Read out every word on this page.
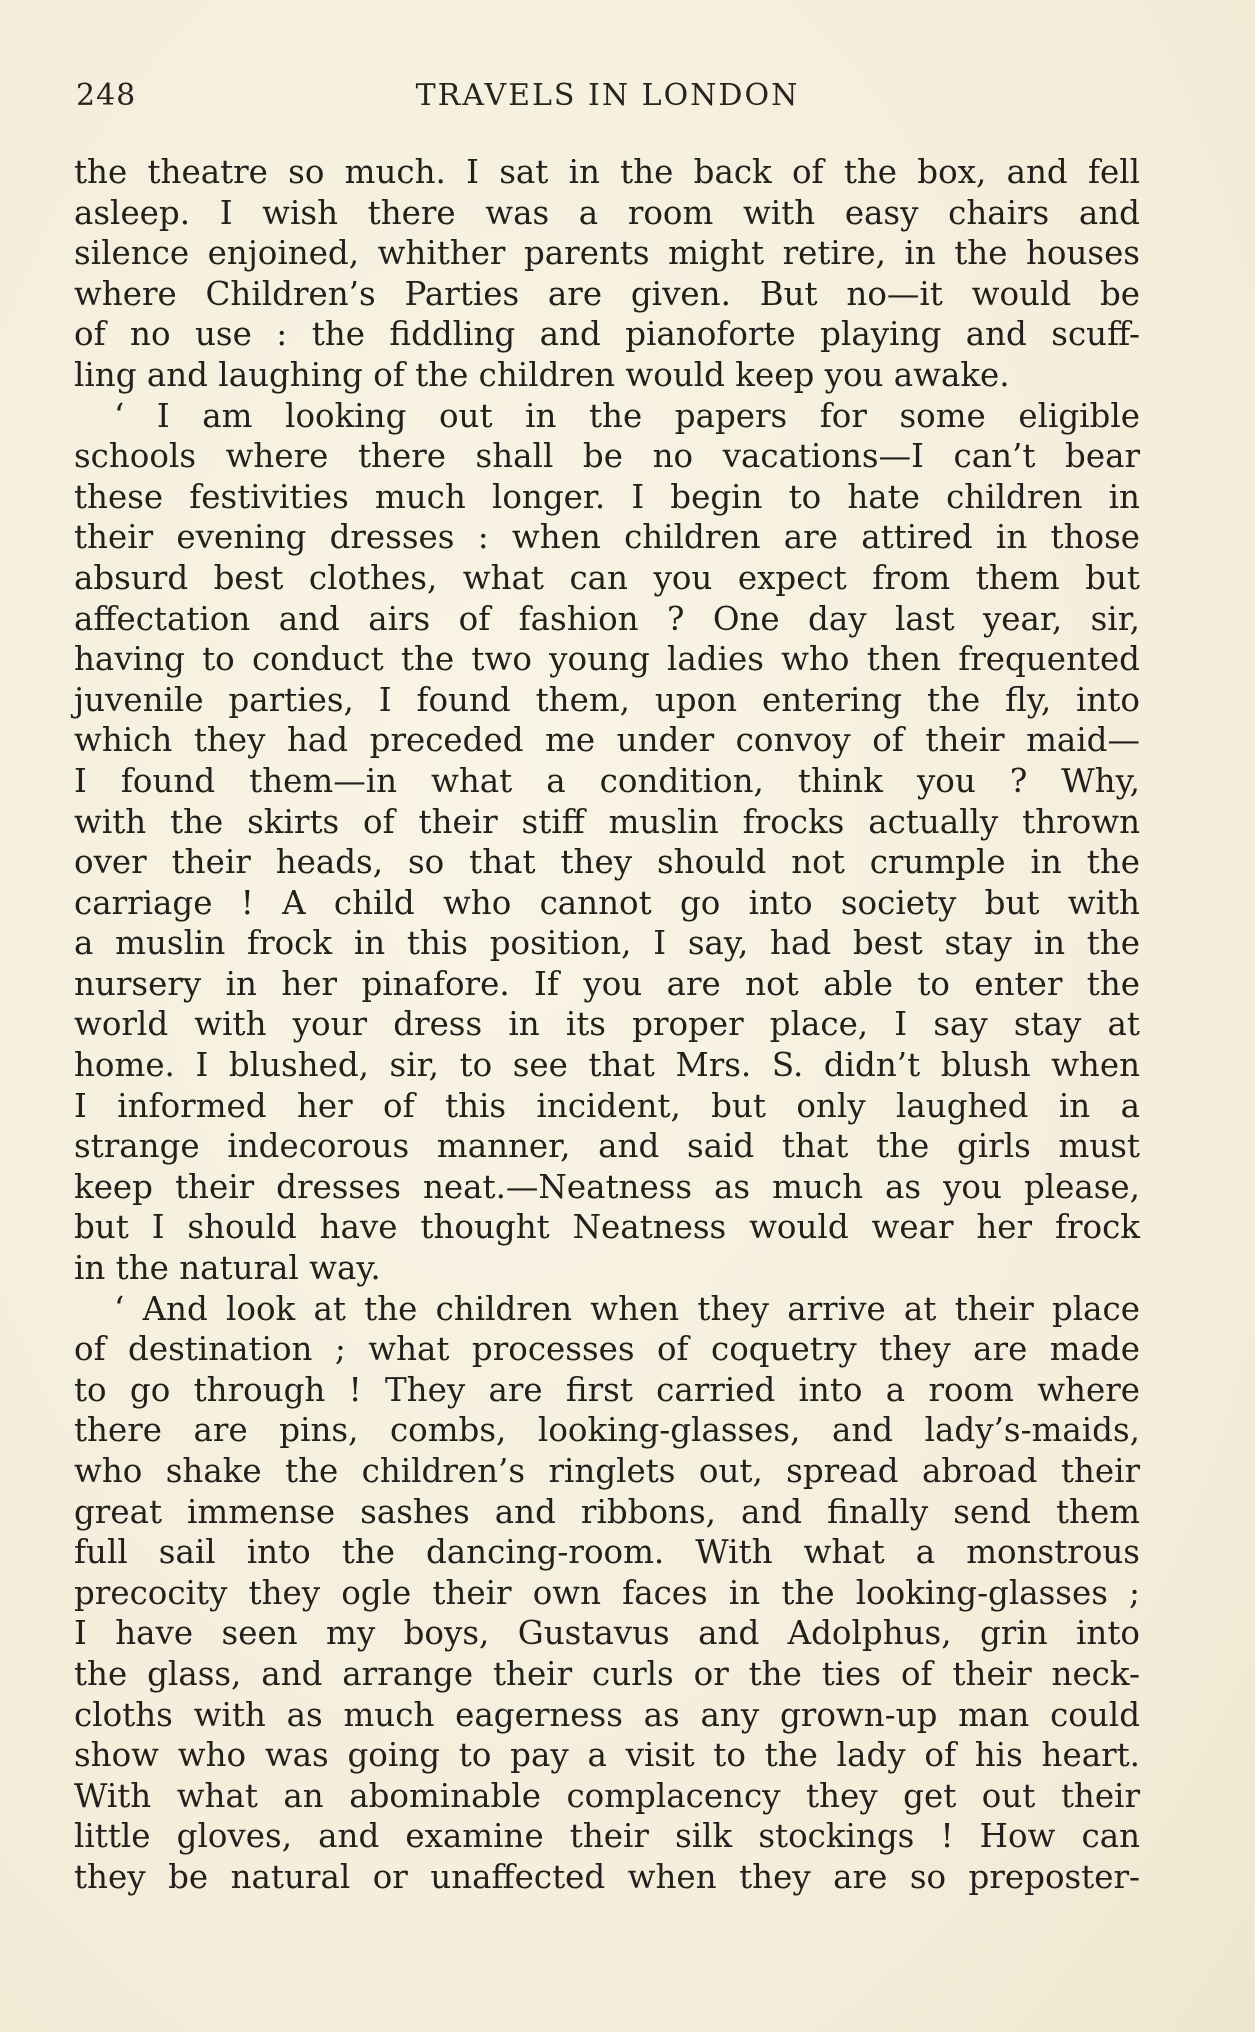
248	TRAVELS IN LONDON
the theatre so much. I sat in the back of the box, and fell
asleep. I wish there was a room with easy chairs and
silence enjoined, whither parents might retire, in the houses
where Children’s Parties are given. But no—it would be
of no use : the fiddling and pianoforte playing and scuff-
ling and laughing of the children would keep you awake.
‘ I am looking out in the papers for some eligible
schools where there shall be no vacations—I can’t bear
these festivities much longer. I begin to hate children in
their evening dresses : when children are attired in those
absurd best clothes, what can you expect from them but
affectation and airs of fashion ? One day last year, sir,
having to conduct the two young ladies who then frequented
juvenile parties, I found them, upon entering the fly, into
which they had preceded me under convoy of their maid—
I found them—in what a condition, think you ? Why,
with the skirts of their stiff muslin frocks actually thrown
over their heads, so that they should not crumple in the
carriage ! A child who cannot go into society but with
a muslin frock in this position, I say, had best stay in the
nursery in her pinafore. If you are not able to enter the
world with your dress in its proper place, I say stay at
home. I blushed, sir, to see that Mrs. S. didn’t blush when
I informed her of this incident, but only laughed in a
strange indecorous manner, and said that the girls must
keep their dresses neat.—Neatness as much as you please,
but I should have thought Neatness would wear her frock
in the natural way.
‘ And look at the children when they arrive at their place
of destination ; what processes of coquetry they are made
to go through ! They are first carried into a room where
there are pins, combs, looking-glasses, and lady’s-maids,
who shake the children’s ringlets out, spread abroad their
great immense sashes and ribbons, and finally send them
full sail into the dancing-room. With what a monstrous
precocity they ogle their own faces in the looking-glasses ;
I have seen my boys, Gustavus and Adolphus, grin into
the glass, and arrange their curls or the ties of their neck-
cloths with as much eagerness as any grown-up man could
show who was going to pay a visit to the lady of his heart.
With what an abominable complacency they get out their
little gloves, and examine their silk stockings ! How can
they be natural or unaffected when they are so preposter-
